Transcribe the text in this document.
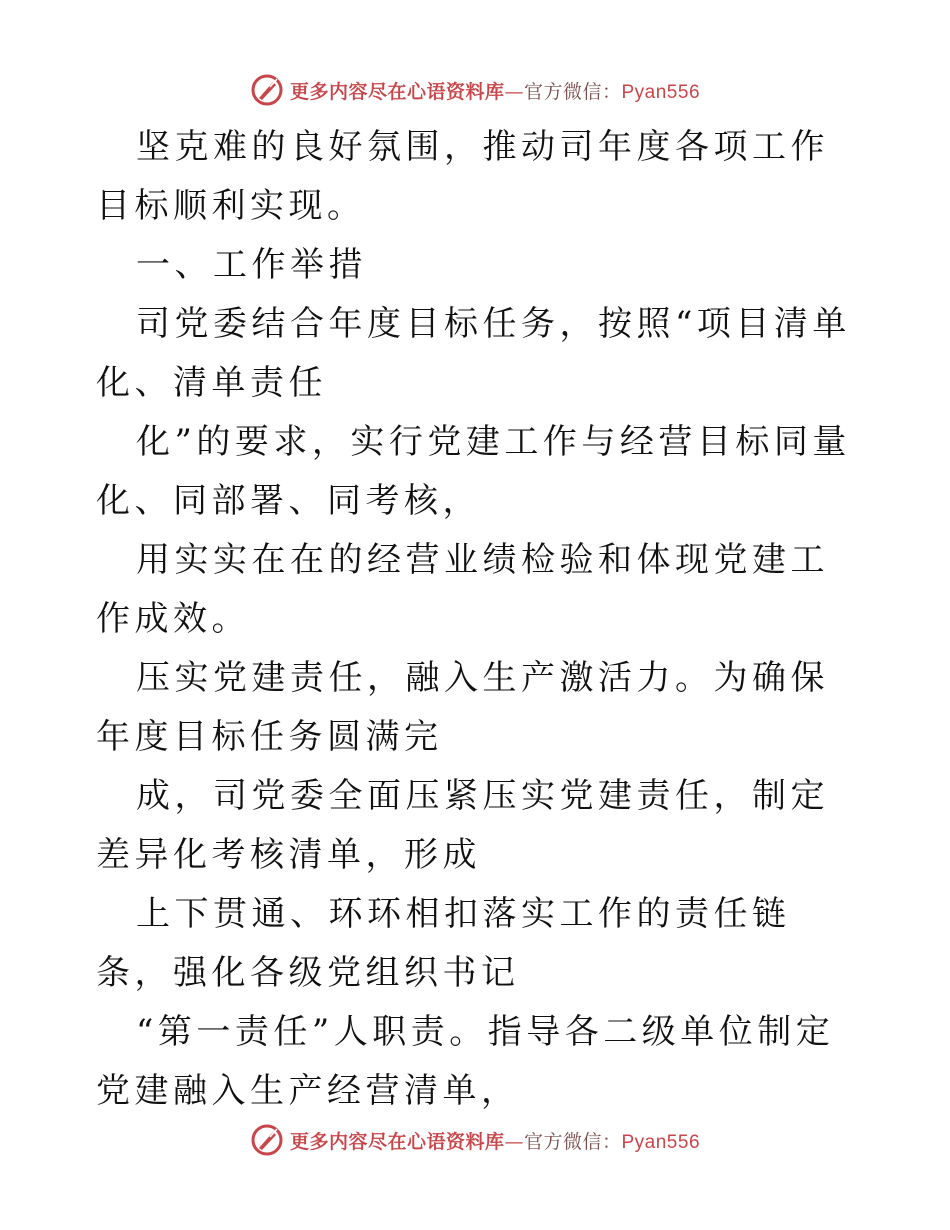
更多内容尽在心语资料库—官方微信：Pyan556

坚克难的良好氛围，推动司年度各项工作目标顺利实现。

一、工作举措

司党委结合年度目标任务，按照“项目清单化、清单责任

化”的要求，实行党建工作与经营目标同量化、同部署、同考核，

用实实在在的经营业绩检验和体现党建工作成效。

压实党建责任，融入生产激活力。为确保年度目标任务圆满完

成，司党委全面压紧压实党建责任，制定差异化考核清单，形成

上下贯通、环环相扣落实工作的责任链条，强化各级党组织书记

“第一责任”人职责。指导各二级单位制定党建融入生产经营清单，

更多内容尽在心语资料库—官方微信：Pyan556
